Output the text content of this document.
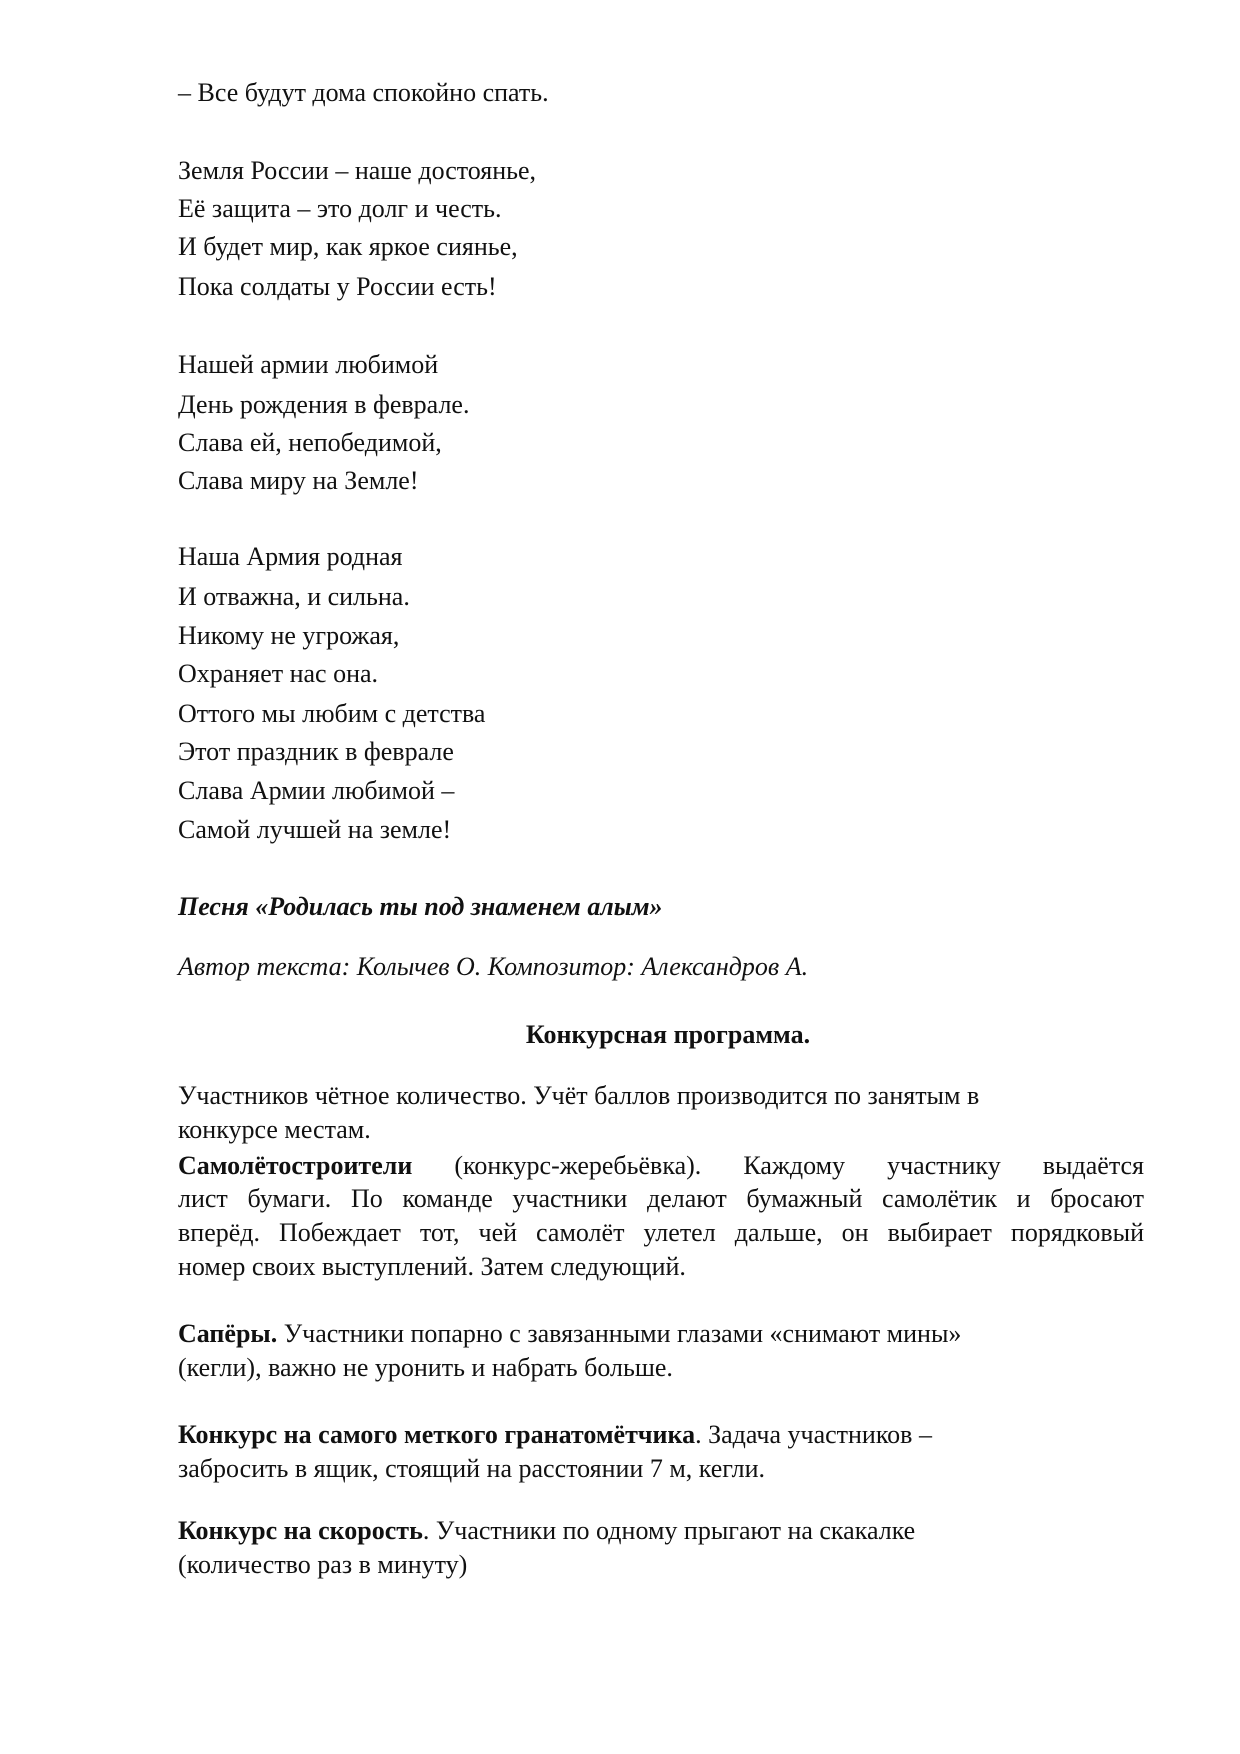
– Все будут дома спокойно спать.
Земля России – наше достоянье,
Её защита – это долг и честь.
И будет мир, как яркое сиянье,
Пока солдаты у России есть!
Нашей армии любимой
День рождения в феврале.
Слава ей, непобедимой,
Слава миру на Земле!
Наша Армия родная
И отважна, и сильна.
Никому не угрожая,
Охраняет нас она.
Оттого мы любим с детства
Этот праздник в феврале
Слава Армии любимой –
Самой лучшей на земле!
Песня «Родилась ты под знаменем алым»
Автор текста: Колычев О. Композитор: Александров А.
Конкурсная программа.
Участников чётное количество. Учёт баллов производится по занятым в
конкурсе местам.
Самолётостроители (конкурс-жеребьёвка). Каждому участнику выдаётся
лист бумаги. По команде участники делают бумажный самолётик и бросают
вперёд. Побеждает тот, чей самолёт улетел дальше, он выбирает порядковый
номер своих выступлений. Затем следующий.
Сапёры. Участники попарно с завязанными глазами «снимают мины»
(кегли), важно не уронить и набрать больше.
Конкурс на самого меткого гранатомётчика. Задача участников –
забросить в ящик, стоящий на расстоянии 7 м, кегли.
Конкурс на скорость. Участники по одному прыгают на скакалке
(количество раз в минуту)
